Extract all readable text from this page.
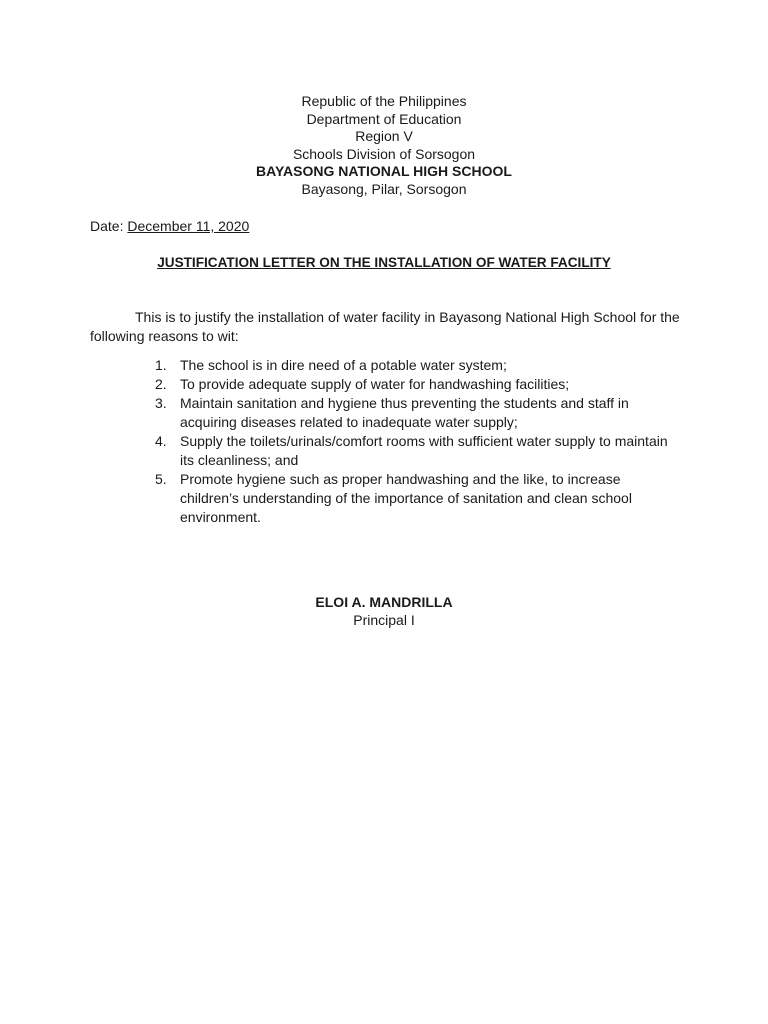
Republic of the Philippines
Department of Education
Region V
Schools Division of Sorsogon
BAYASONG NATIONAL HIGH SCHOOL
Bayasong, Pilar, Sorsogon
Date: December 11, 2020
JUSTIFICATION LETTER ON THE INSTALLATION OF WATER FACILITY
This is to justify the installation of water facility in Bayasong National High School for the following reasons to wit:
1. The school is in dire need of a potable water system;
2. To provide adequate supply of water for handwashing facilities;
3. Maintain sanitation and hygiene thus preventing the students and staff in acquiring diseases related to inadequate water supply;
4. Supply the toilets/urinals/comfort rooms with sufficient water supply to maintain its cleanliness; and
5. Promote hygiene such as proper handwashing and the like, to increase children’s understanding of the importance of sanitation and clean school environment.
ELOI A. MANDRILLA
Principal I
